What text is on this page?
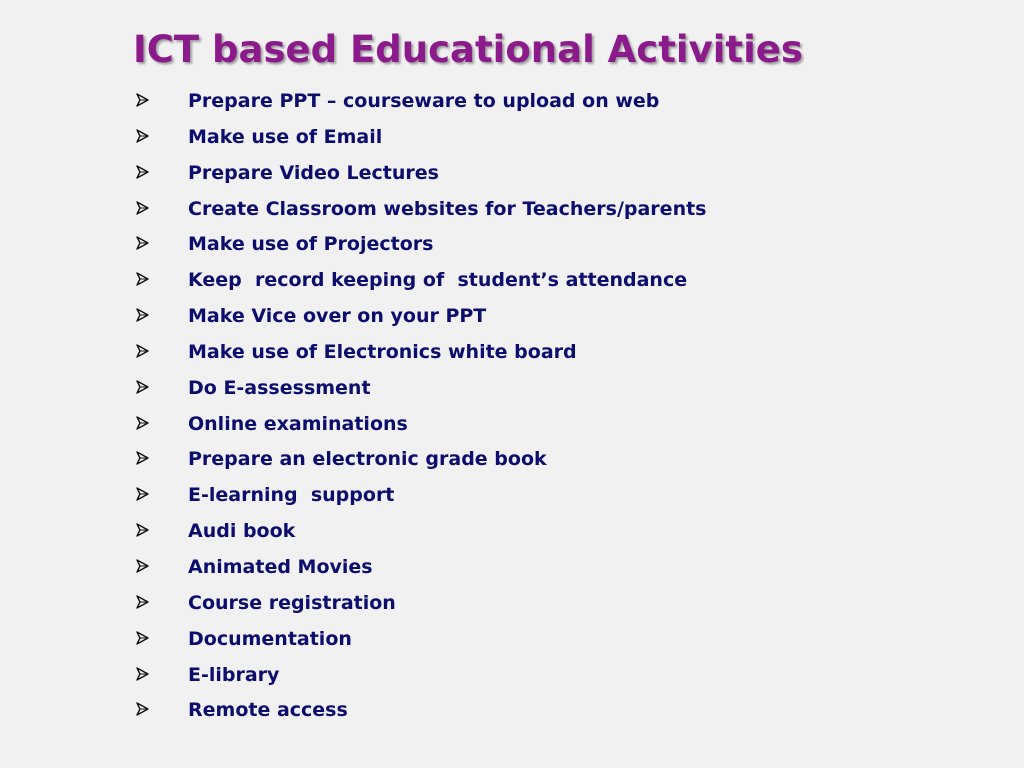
ICT based Educational Activities
Prepare PPT – courseware to upload on web
Make use of Email
Prepare Video Lectures
Create Classroom websites for Teachers/parents
Make use of Projectors
Keep  record keeping of  student’s attendance
Make Vice over on your PPT
Make use of Electronics white board
Do E-assessment
Online examinations
Prepare an electronic grade book
E-learning  support
Audi book
Animated Movies
Course registration
Documentation
E-library
Remote access
